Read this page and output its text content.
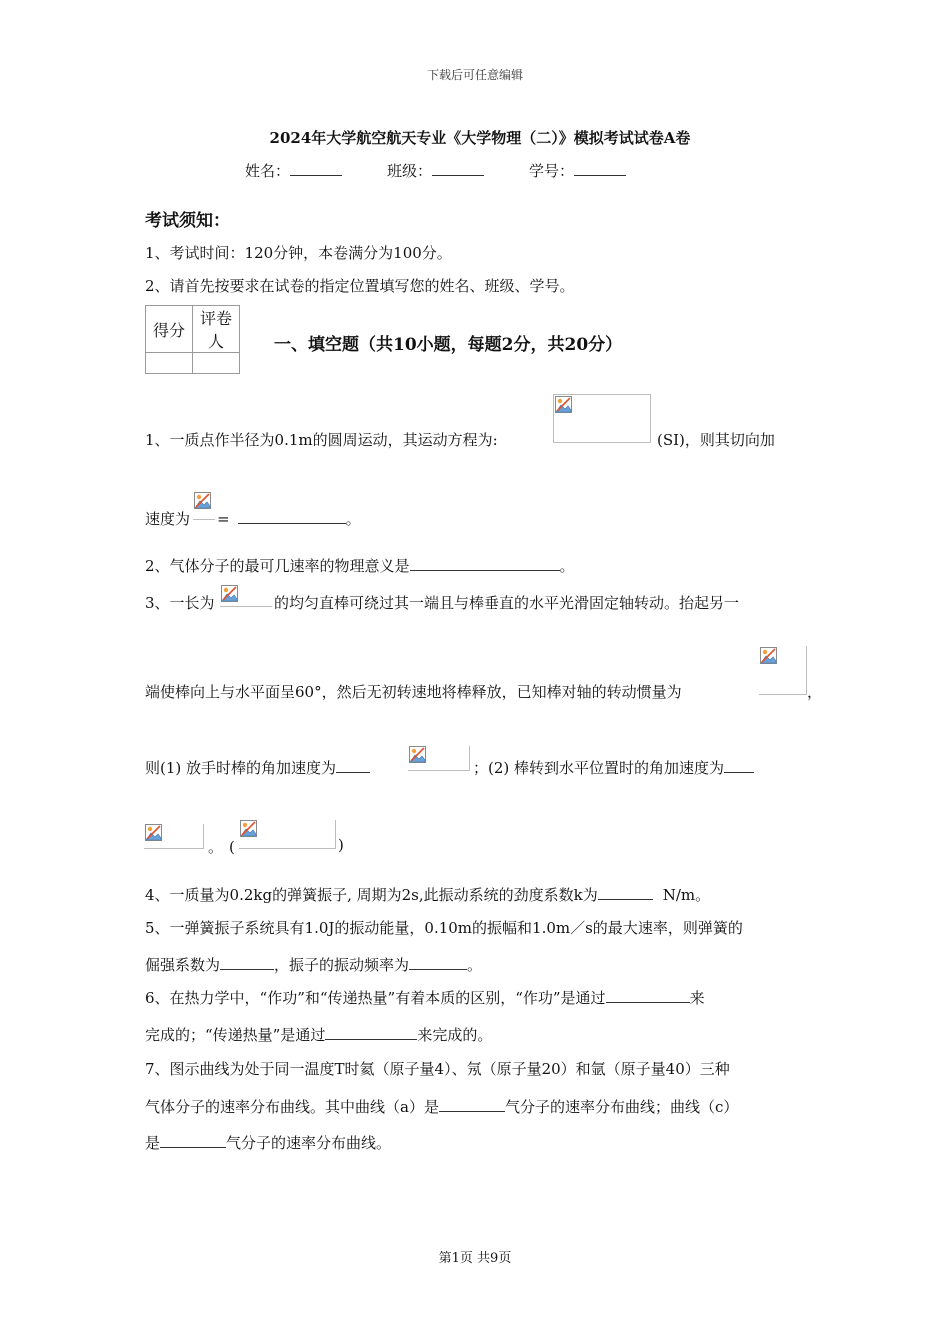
下载后可任意编辑
2024年大学航空航天专业《大学物理（二）》模拟考试试卷A卷
姓名：	班级：	学号：
考试须知：
1、考试时间：120分钟，本卷满分为100分。
2、请首先按要求在试卷的指定位置填写您的姓名、班级、学号。
得分	评卷人
		一、填空题（共10小题，每题2分，共20分）
1、一质点作半径为0.1m的圆周运动，其运动方程为:	(SI)，则其切向加
速度为 =	。
2、气体分子的最可几速率的物理意义是	。
3、一长为	的均匀直棒可绕过其一端且与棒垂直的水平光滑固定轴转动。抬起另一
端使棒向上与水平面呈60°，然后无初转速地将棒释放，已知棒对轴的转动惯量为	，
则(1) 放手时棒的角加速度为	；(2) 棒转到水平位置时的角加速度为
。 (	)
4、一质量为0.2kg的弹簧振子, 周期为2s,此振动系统的劲度系数k为	N/m。
5、一弹簧振子系统具有1.0J的振动能量，0.10m的振幅和1.0m／s的最大速率，则弹簧的
倔强系数为	，振子的振动频率为	。
6、在热力学中，“作功”和“传递热量”有着本质的区别，“作功”是通过	来
完成的；“传递热量”是通过	来完成的。
7、图示曲线为处于同一温度T时氦（原子量4）、氖（原子量20）和氩（原子量40）三种
气体分子的速率分布曲线。其中曲线（a）是	气分子的速率分布曲线；曲线（c）
是	气分子的速率分布曲线。
第1页 共9页
